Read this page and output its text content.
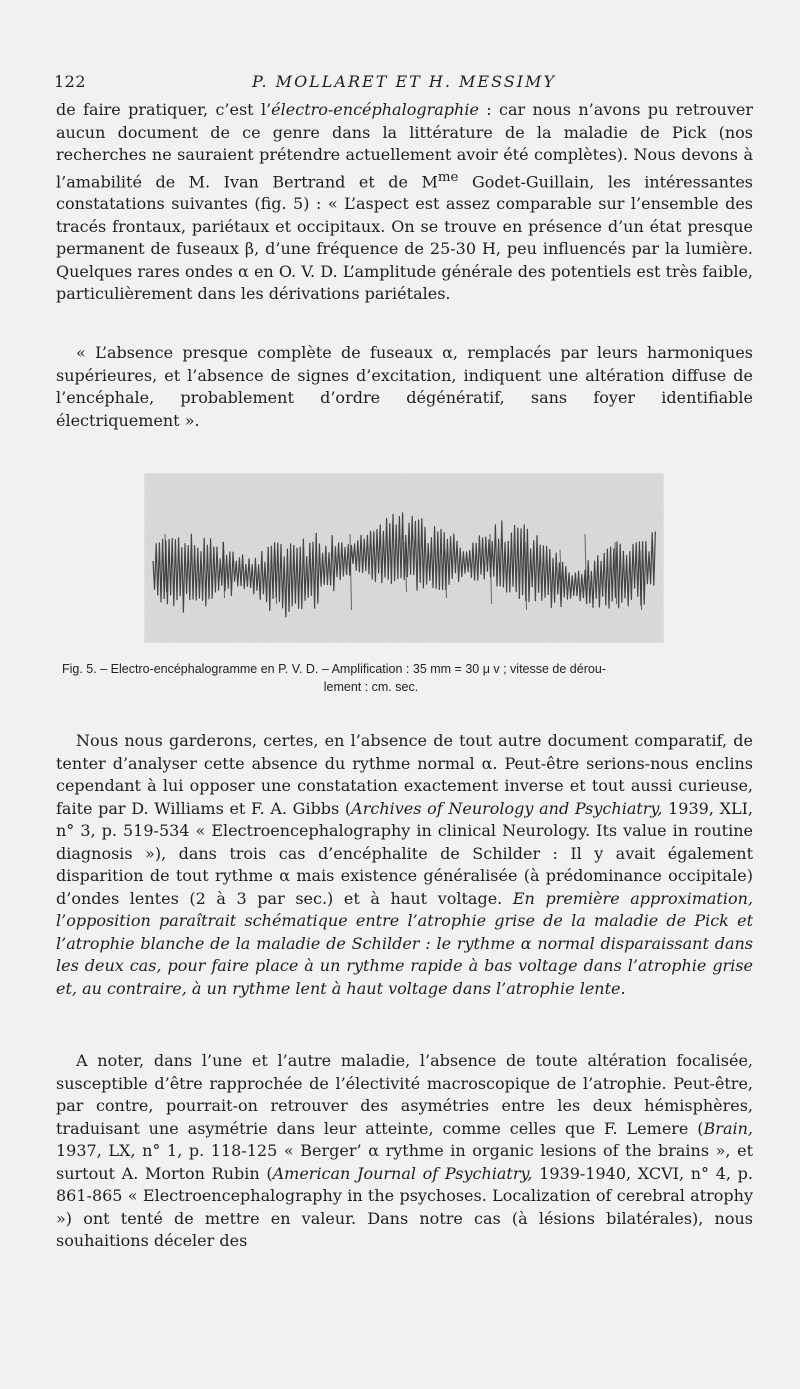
122	P. MOLLARET ET H. MESSIMY

de faire pratiquer, c’est l’électro-encéphalographie : car nous n’avons pu retrouver aucun document de ce genre dans la littérature de la maladie de Pick (nos recherches ne sauraient prétendre actuellement avoir été complètes). Nous devons à l’amabilité de M. Ivan Bertrand et de $M^{me}$ Godet-Guillain, les intéressantes constatations suivantes (fig. 5) : « L’aspect est assez comparable sur l’ensemble des tracés frontaux, pariétaux et occipitaux. On se trouve en présence d’un état presque permanent de fuseaux β, d’une fréquence de 25-30 H, peu influencés par la lumière. Quelques rares ondes α en O. V. D. L’amplitude générale des potentiels est très faible, particulièrement dans les dérivations pariétales.

« L’absence presque complète de fuseaux α, remplacés par leurs harmoniques supérieures, et l’absence de signes d’excitation, indiquent une altération diffuse de l’encéphale, probablement d’ordre dégénératif, sans foyer identifiable électriquement ».

Fig. 5. – Electro-encéphalogramme en P. V. D. – Amplification : 35 mm = 30 μ v ; vitesse de dérou-
lement : cm. sec.

Nous nous garderons, certes, en l’absence de tout autre document comparatif, de tenter d’analyser cette absence du rythme normal α. Peut-être serions-nous enclins cependant à lui opposer une constatation exactement inverse et tout aussi curieuse, faite par D. Williams et F. A. Gibbs (Archives of Neurology and Psychiatry, 1939, XLI, n° 3, p. 519-534 « Electroencephalography in clinical Neurology. Its value in routine diagnosis »), dans trois cas d’encéphalite de Schilder : Il y avait également disparition de tout rythme α mais existence généralisée (à prédominance occipitale) d’ondes lentes (2 à 3 par sec.) et à haut voltage. En première approximation, l’opposition paraîtrait schématique entre l’atrophie grise de la maladie de Pick et l’atrophie blanche de la maladie de Schilder : le rythme α normal disparaissant dans les deux cas, pour faire place à un rythme rapide à bas voltage dans l’atrophie grise et, au contraire, à un rythme lent à haut voltage dans l’atrophie lente.

A noter, dans l’une et l’autre maladie, l’absence de toute altération focalisée, susceptible d’être rapprochée de l’électivité macroscopique de l’atrophie. Peut-être, par contre, pourrait-on retrouver des asymétries entre les deux hémisphères, traduisant une asymétrie dans leur atteinte, comme celles que F. Lemere (Brain, 1937, LX, n° 1, p. 118-125 « Berger’ α rythme in organic lesions of the brains », et surtout A. Morton Rubin (American Journal of Psychiatry, 1939-1940, XCVI, n° 4, p. 861-865 « Electroencephalography in the psychoses. Localization of cerebral atrophy ») ont tenté de mettre en valeur. Dans notre cas (à lésions bilatérales), nous souhaitions déceler des
